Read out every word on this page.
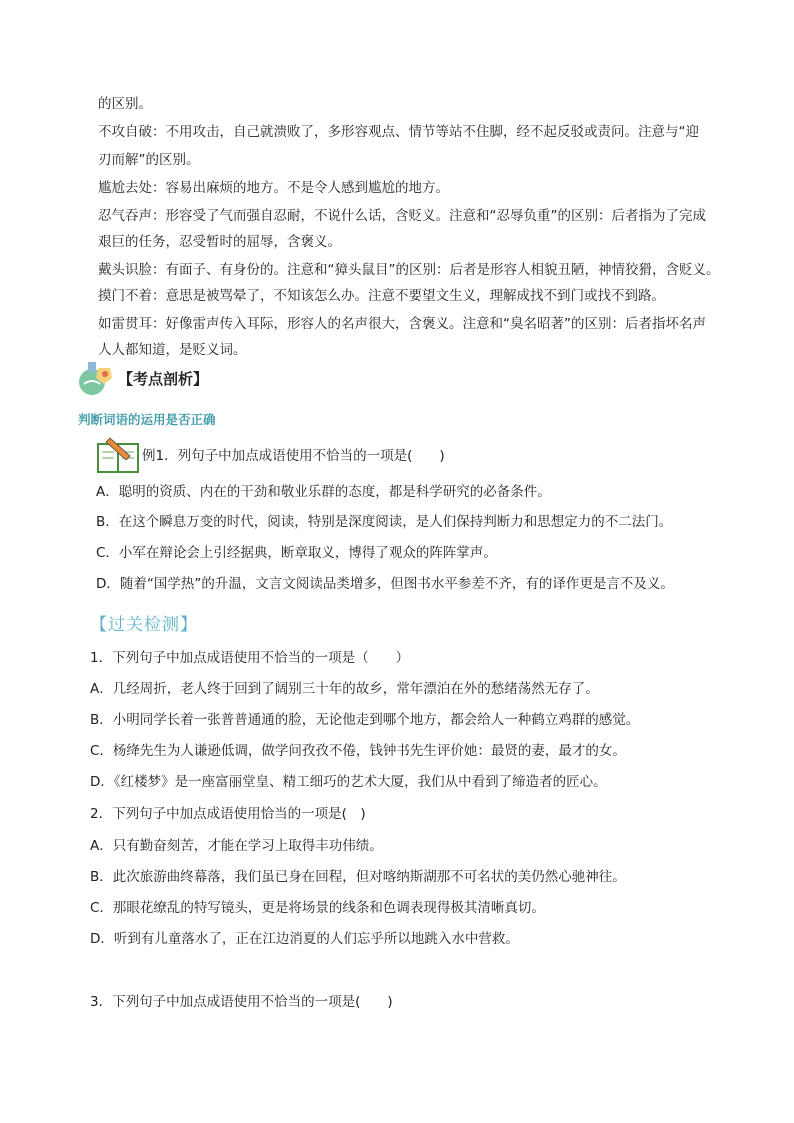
的区别。
不攻自破：不用攻击，自己就溃败了，多形容观点、情节等站不住脚，经不起反驳或责问。注意与“迎
刃而解”的区别。
尴尬去处：容易出麻烦的地方。不是令人感到尴尬的地方。
忍气吞声：形容受了气而强自忍耐，不说什么话，含贬义。注意和“忍辱负重”的区别：后者指为了完成
艰巨的任务，忍受暂时的屈辱，含褒义。
戴头识脸：有面子、有身份的。注意和“獐头鼠目”的区别：后者是形容人相貌丑陋，神情狡猾，含贬义。
摸门不着：意思是被骂晕了，不知该怎么办。注意不要望文生义，理解成找不到门或找不到路。
如雷贯耳：好像雷声传入耳际，形容人的名声很大，含褒义。注意和“臭名昭著”的区别：后者指坏名声
人人都知道，是贬义词。
【考点剖析】
判断词语的运用是否正确
例1．列句子中加点成语使用不恰当的一项是(　　)
A．聪明的资质、内在的干劲和敬业乐群的态度，都是科学研究的必备条件。
B．在这个瞬息万变的时代，阅读，特别是深度阅读，是人们保持判断力和思想定力的不二法门。
C．小军在辩论会上引经据典，断章取义，博得了观众的阵阵掌声。
D．随着“国学热”的升温，文言文阅读品类增多，但图书水平参差不齐，有的译作更是言不及义。
【过关检测】
1．下列句子中加点成语使用不恰当的一项是（　　）
A．几经周折，老人终于回到了阔别三十年的故乡，常年漂泊在外的愁绪荡然无存了。
B．小明同学长着一张普普通通的脸，无论他走到哪个地方，都会给人一种鹤立鸡群的感觉。
C．杨绛先生为人谦逊低调，做学问孜孜不倦，钱钟书先生评价她：最贤的妻，最才的女。
D．《红楼梦》是一座富丽堂皇、精工细巧的艺术大厦，我们从中看到了缔造者的匠心。
2．下列句子中加点成语使用恰当的一项是(　)
A．只有勤奋刻苦，才能在学习上取得丰功伟绩。
B．此次旅游曲终幕落，我们虽已身在回程，但对喀纳斯湖那不可名状的美仍然心驰神往。
C．那眼花缭乱的特写镜头，更是将场景的线条和色调表现得极其清晰真切。
D．听到有儿童落水了，正在江边消夏的人们忘乎所以地跳入水中营救。
3．下列句子中加点成语使用不恰当的一项是(　　)
